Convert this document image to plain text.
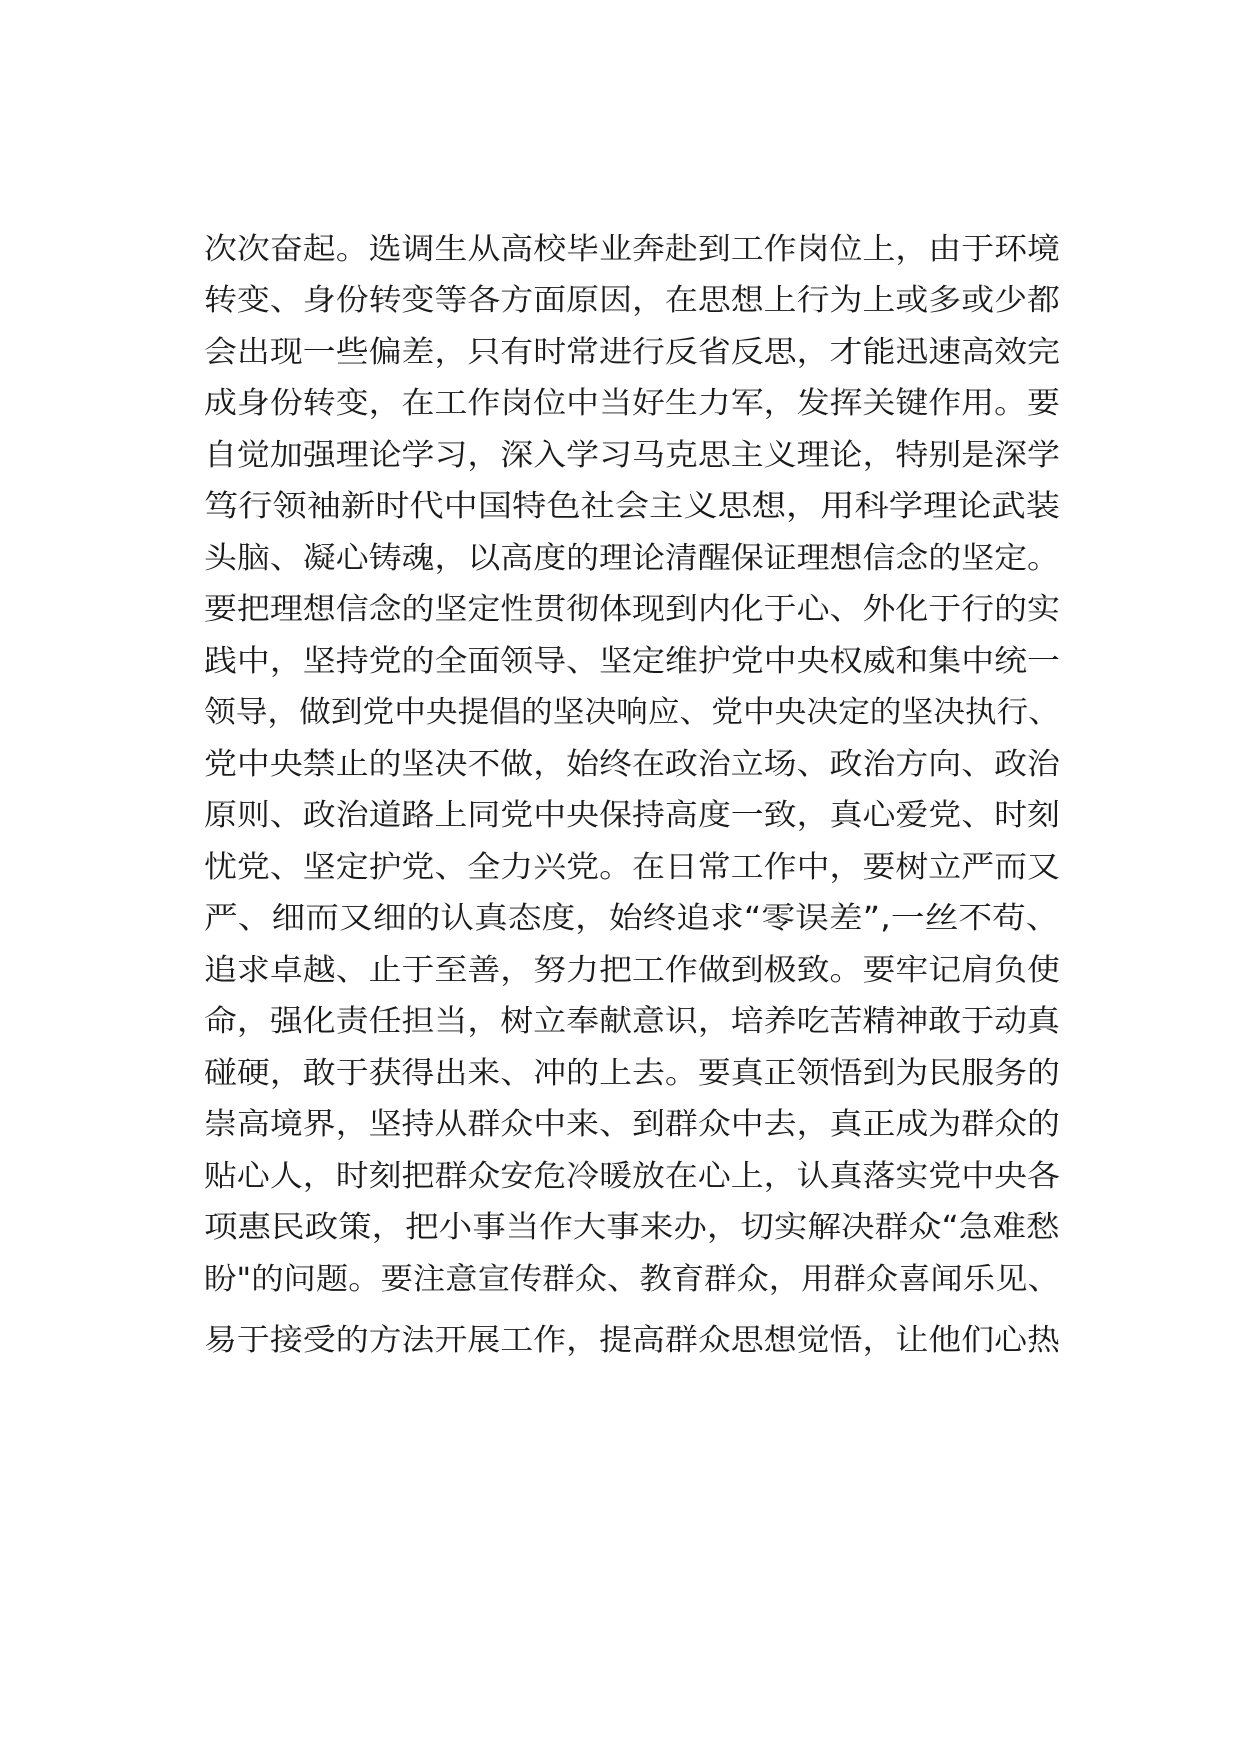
次次奋起。选调生从高校毕业奔赴到工作岗位上，由于环境
转变、身份转变等各方面原因，在思想上行为上或多或少都
会出现一些偏差，只有时常进行反省反思，才能迅速高效完
成身份转变，在工作岗位中当好生力军，发挥关键作用。要
自觉加强理论学习，深入学习马克思主义理论，特别是深学
笃行领袖新时代中国特色社会主义思想，用科学理论武装
头脑、凝心铸魂，以高度的理论清醒保证理想信念的坚定。
要把理想信念的坚定性贯彻体现到内化于心、外化于行的实
践中，坚持党的全面领导、坚定维护党中央权威和集中统一
领导，做到党中央提倡的坚决响应、党中央决定的坚决执行、
党中央禁止的坚决不做，始终在政治立场、政治方向、政治
原则、政治道路上同党中央保持高度一致，真心爱党、时刻
忧党、坚定护党、全力兴党。在日常工作中，要树立严而又
严、细而又细的认真态度，始终追求“零误差”,一丝不苟、
追求卓越、止于至善，努力把工作做到极致。要牢记肩负使
命，强化责任担当，树立奉献意识，培养吃苦精神敢于动真
碰硬，敢于获得出来、冲的上去。要真正领悟到为民服务的
崇高境界，坚持从群众中来、到群众中去，真正成为群众的
贴心人，时刻把群众安危冷暖放在心上，认真落实党中央各
项惠民政策，把小事当作大事来办，切实解决群众“急难愁
盼"的问题。要注意宣传群众、教育群众，用群众喜闻乐见、
易于接受的方法开展工作，提高群众思想觉悟，让他们心热
